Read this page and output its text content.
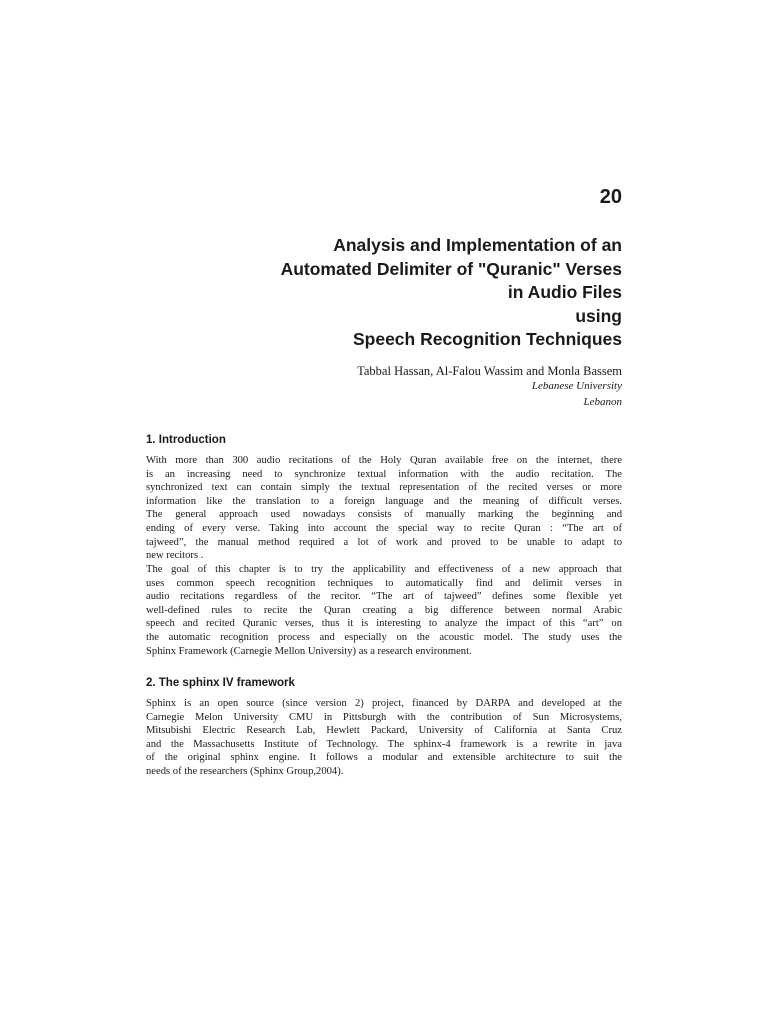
20
Analysis and Implementation of an
Automated Delimiter of "Quranic" Verses
in Audio Files
using
Speech Recognition Techniques
Tabbal Hassan, Al-Falou Wassim and Monla Bassem
Lebanese University
Lebanon
1. Introduction
With more than 300 audio recitations of the Holy Quran available free on the internet, there
is an increasing need to synchronize textual information with the audio recitation. The
synchronized text can contain simply the textual representation of the recited verses or more
information like the translation to a foreign language and the meaning of difficult verses.
The general approach used nowadays consists of manually marking the beginning and
ending of every verse. Taking into account the special way to recite Quran : “The art of
tajweed”, the manual method required a lot of work and proved to be unable to adapt to
new recitors .
The goal of this chapter is to try the applicability and effectiveness of a new approach that
uses common speech recognition techniques to automatically find and delimit verses in
audio recitations regardless of the recitor. “The art of tajweed” defines some flexible yet
well-defined rules to recite the Quran creating a big difference between normal Arabic
speech and recited Quranic verses, thus it is interesting to analyze the impact of this “art” on
the automatic recognition process and especially on the acoustic model. The study uses the
Sphinx Framework (Carnegie Mellon University) as a research environment.
2. The sphinx IV framework
Sphinx is an open source (since version 2) project, financed by DARPA and developed at the
Carnegie Melon University CMU in Pittsburgh with the contribution of Sun Microsystems,
Mitsubishi Electric Research Lab, Hewlett Packard, University of California at Santa Cruz
and the Massachusetts Institute of Technology. The sphinx-4 framework is a rewrite in java
of the original sphinx engine. It follows a modular and extensible architecture to suit the
needs of the researchers (Sphinx Group,2004).
